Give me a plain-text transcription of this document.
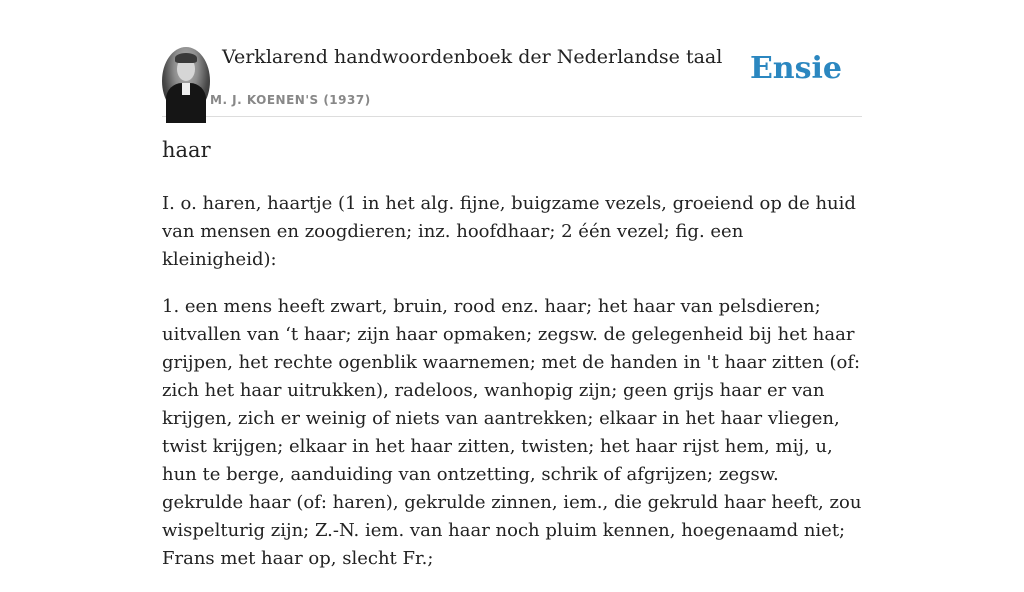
Verklarend handwoordenboek der Nederlandse taal
M. J. KOENEN'S (1937)
Ensie
haar

I. o. haren, haartje (1 in het alg. fijne, buigzame vezels, groeiend op de huid van mensen en zoogdieren; inz. hoofdhaar; 2 één vezel; fig. een kleinigheid):

1. een mens heeft zwart, bruin, rood enz. haar; het haar van pelsdieren; uitvallen van ‘t haar; zijn haar opmaken; zegsw. de gelegenheid bij het haar grijpen, het rechte ogenblik waarnemen; met de handen in 't haar zitten (of: zich het haar uitrukken), radeloos, wanhopig zijn; geen grijs haar er van krijgen, zich er weinig of niets van aantrekken; elkaar in het haar vliegen, twist krijgen; elkaar in het haar zitten, twisten; het haar rijst hem, mij, u, hun te berge, aanduiding van ontzetting, schrik of afgrijzen; zegsw. gekrulde haar (of: haren), gekrulde zinnen, iem., die gekruld haar heeft, zou wispelturig zijn; Z.-N. iem. van haar noch pluim kennen, hoegenaamd niet; Frans met haar op, slecht Fr.;
